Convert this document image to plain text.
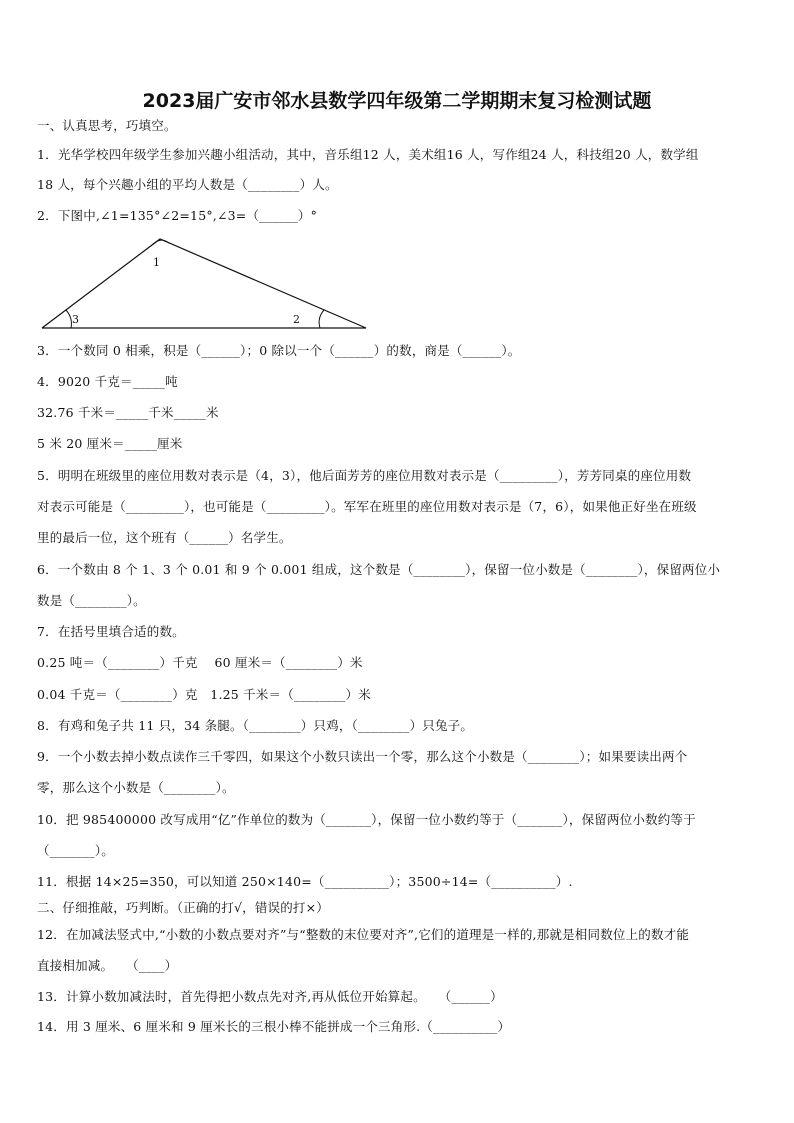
2023届广安市邻水县数学四年级第二学期期末复习检测试题
一、认真思考，巧填空。
1．光华学校四年级学生参加兴趣小组活动，其中，音乐组12 人，美术组16 人，写作组24 人，科技组20 人，数学组
18 人，每个兴趣小组的平均人数是（________）人。
2．下图中,∠1=135°∠2=15°,∠3=（______）°
1
3	2
3．一个数同 0 相乘，积是（______）；0 除以一个（______）的数，商是（______）。
4．9020 千克＝_____吨
32.76 千米＝_____千米_____米
5 米 20 厘米＝_____厘米
5．明明在班级里的座位用数对表示是（4，3），他后面芳芳的座位用数对表示是（_________），芳芳同桌的座位用数
对表示可能是（_________），也可能是（_________）。军军在班里的座位用数对表示是（7，6），如果他正好坐在班级
里的最后一位，这个班有（______）名学生。
6．一个数由 8 个 1、3 个 0.01 和 9 个 0.001 组成，这个数是（________），保留一位小数是（________），保留两位小
数是（________）。
7．在括号里填合适的数。
0.25 吨＝（________）千克　 60 厘米＝（________）米
0.04 千克＝（________）克　1.25 千米＝（________）米
8．有鸡和兔子共 11 只，34 条腿。（________）只鸡，（________）只兔子。
9．一个小数去掉小数点读作三千零四，如果这个小数只读出一个零，那么这个小数是（________）；如果要读出两个
零，那么这个小数是（________）。
10．把 985400000 改写成用“亿”作单位的数为（_______），保留一位小数约等于（_______），保留两位小数约等于
（_______）。
11．根据 14×25=350，可以知道 250×140=（__________）；3500÷14=（__________）.
二、仔细推敲，巧判断。（正确的打√，错误的打×）
12．在加减法竖式中,“小数的小数点要对齐”与“整数的末位要对齐”,它们的道理是一样的,那就是相同数位上的数才能
直接相加减。　　（____）
13．计算小数加减法时，首先得把小数点先对齐,再从低位开始算起。　　（______）
14．用 3 厘米、6 厘米和 9 厘米长的三根小棒不能拼成一个三角形.（__________）
